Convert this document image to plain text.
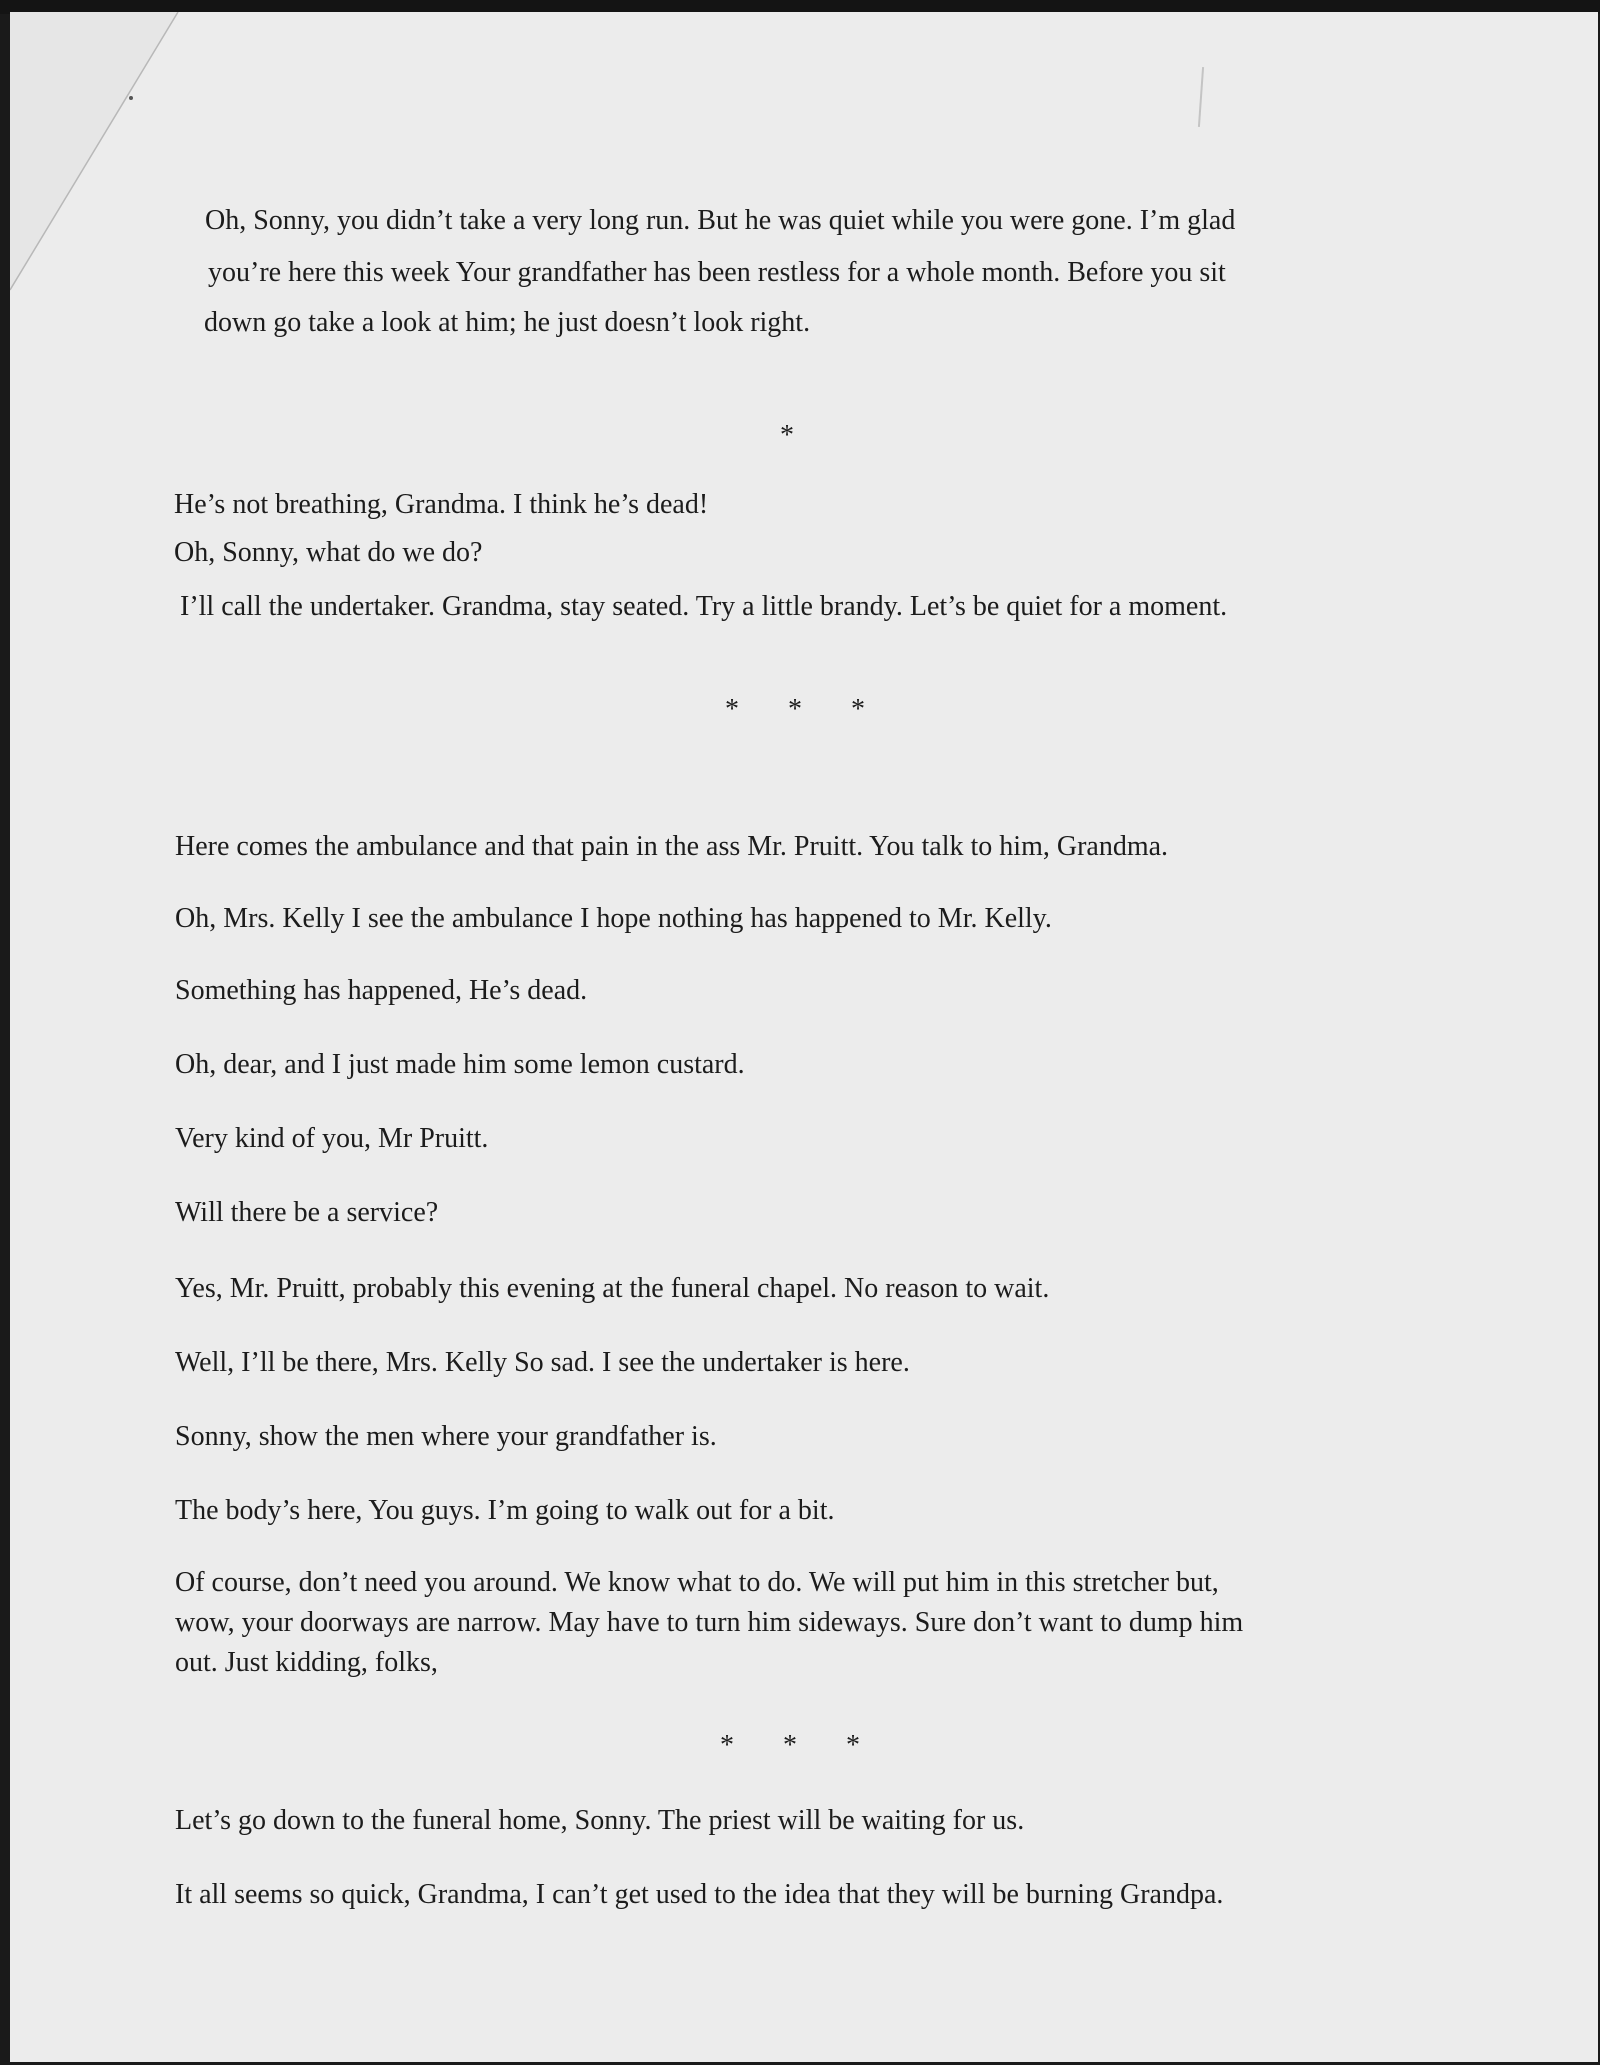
Oh, Sonny, you didn’t take a very long run. But he was quiet while you were gone. I’m glad

you’re here this week Your grandfather has been restless for a whole month. Before you sit

down go take a look at him; he just doesn’t look right.

*

He’s not breathing, Grandma. I think he’s dead!

Oh, Sonny, what do we do?

I’ll call the undertaker. Grandma, stay seated. Try a little brandy. Let’s be quiet for a moment.

*       *       *

Here comes the ambulance and that pain in the ass Mr. Pruitt. You talk to him, Grandma.

Oh, Mrs. Kelly I see the ambulance I hope nothing has happened to Mr. Kelly.

Something has happened, He’s dead.

Oh, dear, and I just made him some lemon custard.

Very kind of you, Mr Pruitt.

Will there be a service?

Yes, Mr. Pruitt, probably this evening at the funeral chapel. No reason to wait.

Well, I’ll be there, Mrs. Kelly So sad. I see the undertaker is here.

Sonny, show the men where your grandfather is.

The body’s here, You guys. I’m going to walk out for a bit.

Of course, don’t need you around. We know what to do. We will put him in this stretcher but,

wow, your doorways are narrow. May have to turn him sideways. Sure don’t want to dump him

out. Just kidding, folks,

*       *       *

Let’s go down to the funeral home, Sonny. The priest will be waiting for us.

It all seems so quick, Grandma, I can’t get used to the idea that they will be burning Grandpa.
